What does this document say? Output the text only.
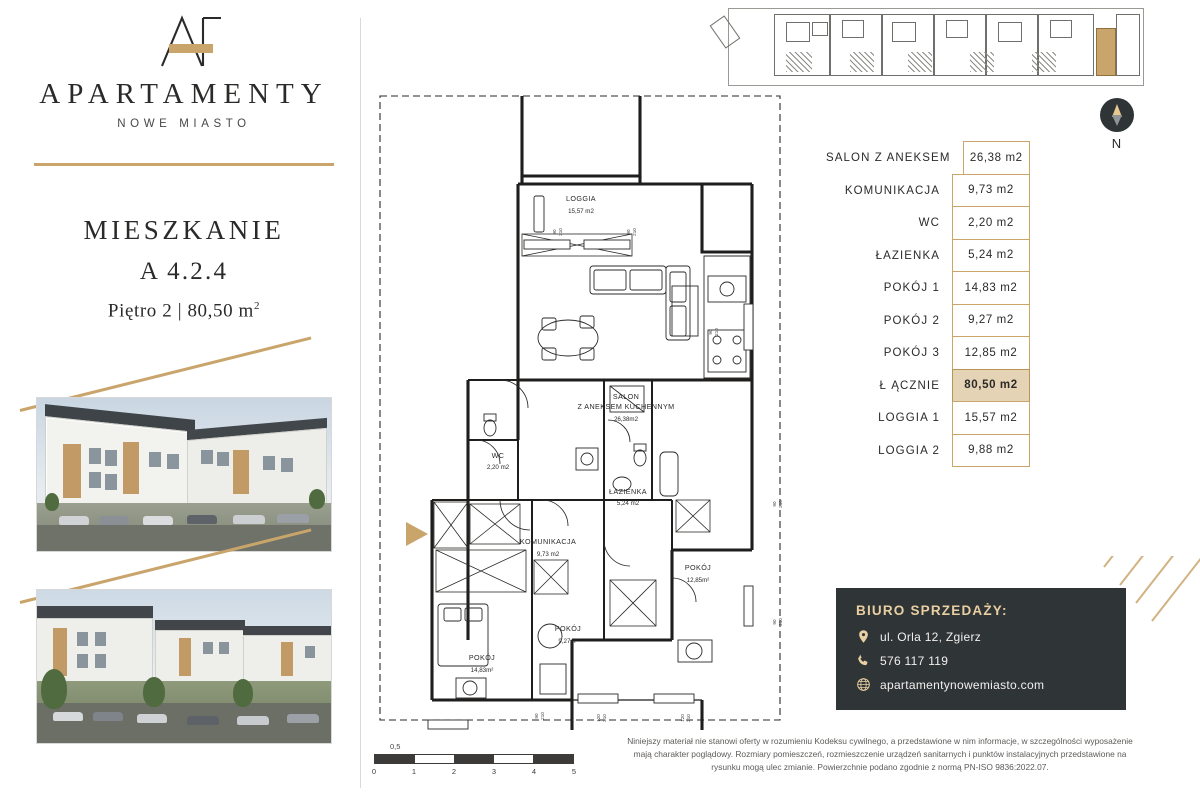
APARTAMENTY
NOWE MIASTO
MIESZKANIE
A 4.2.4
Piętro 2 | 80,50 $m^2$
N
SALON Z ANEKSEM	26,38 m2
KOMUNIKACJA	9,73 m2
WC	2,20 m2
ŁAZIENKA	5,24 m2
POKÓJ 1	14,83 m2
POKÓJ 2	9,27 m2
POKÓJ 3	12,85 m2
Ł ĄCZNIE	80,50 m2
LOGGIA 1	15,57 m2
LOGGIA 2	9,88 m2
BIURO SPRZEDAŻY:
ul. Orla 12, Zgierz
576 117 119
apartamentynowemiasto.com
Niniejszy materiał nie stanowi oferty w rozumieniu Kodeksu cywilnego, a przedstawione w nim informacje, w szczególności wyposażenie mają charakter poglądowy. Rozmiary pomieszczeń, rozmieszczenie urządzeń sanitarnych i punktów instalacyjnych przedstawione na rysunku mogą ulec zmianie. Powierzchnie podano zgodnie z normą PN-ISO 9836:2022.07.
0,5
0	1	2	3	4	5
LOGGIA
15,57 m2
SALON
Z ANEKSEM KUCHENNYM
26,38m2
WC
2,20 m2
ŁAZIENKA
5,24 m2
KOMUNIKACJA
9,73 m2
POKÓJ
12,85m²
POKÓJ
9,27m²
POKÓJ
14,83m²
90 210	90 210
90 210
90 210
90 210
90 210	120 210	120 210
